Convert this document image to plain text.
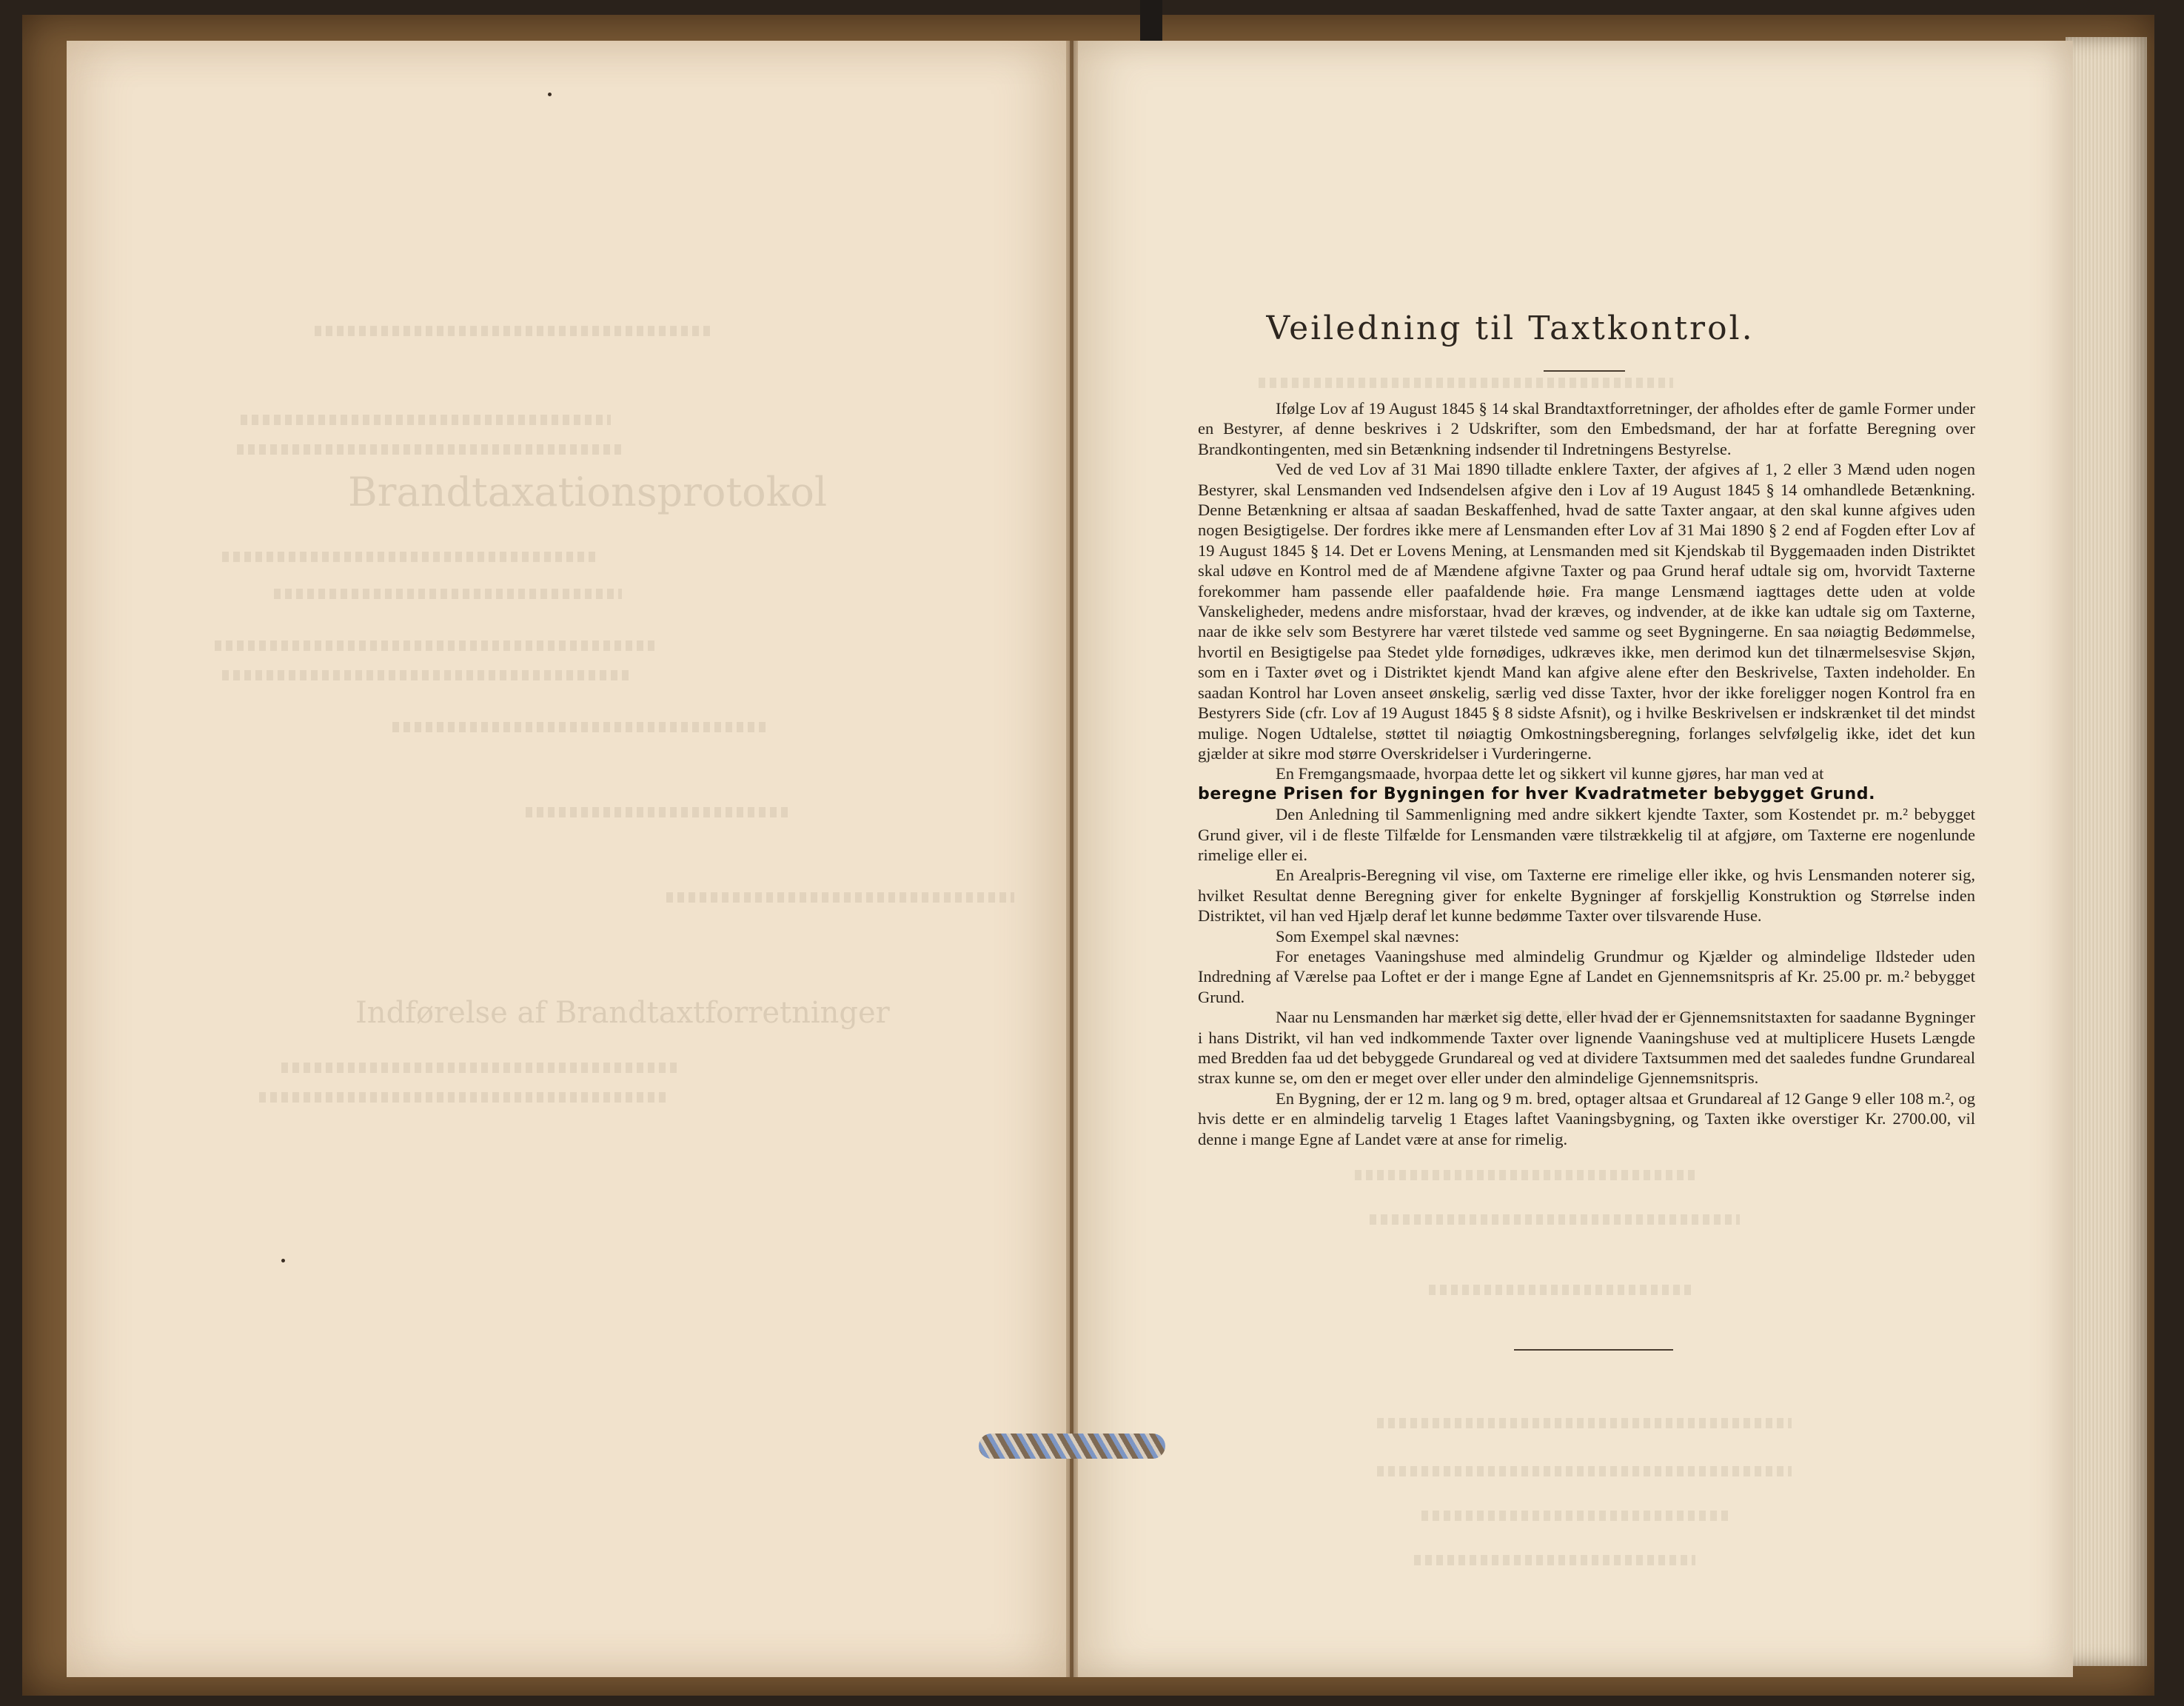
Brandtaxationsprotokol
Indførelse af Brandtaxtforretninger
Veiledning til Taxtkontrol.

Ifølge Lov af 19 August 1845 § 14 skal Brandtaxtforretninger, der afholdes efter de gamle Former under en Bestyrer, af denne beskrives i 2 Udskrifter, som den Embedsmand, der har at forfatte Beregning over Brandkontingenten, med sin Betænkning indsender til Indretningens Bestyrelse.

Ved de ved Lov af 31 Mai 1890 tilladte enklere Taxter, der afgives af 1, 2 eller 3 Mænd uden nogen Bestyrer, skal Lensmanden ved Indsendelsen afgive den i Lov af 19 August 1845 § 14 omhandlede Betænkning. Denne Betænkning er altsaa af saadan Beskaffenhed, hvad de satte Taxter angaar, at den skal kunne afgives uden nogen Besigtigelse. Der fordres ikke mere af Lensmanden efter Lov af 31 Mai 1890 § 2 end af Fogden efter Lov af 19 August 1845 § 14. Det er Lovens Mening, at Lensmanden med sit Kjendskab til Byggemaaden inden Distriktet skal udøve en Kontrol med de af Mændene afgivne Taxter og paa Grund heraf udtale sig om, hvorvidt Taxterne forekommer ham passende eller paafaldende høie. Fra mange Lensmænd iagttages dette uden at volde Vanskeligheder, medens andre misforstaar, hvad der kræves, og indvender, at de ikke kan udtale sig om Taxterne, naar de ikke selv som Bestyrere har været tilstede ved samme og seet Bygningerne. En saa nøiagtig Bedømmelse, hvortil en Besigtigelse paa Stedet ylde fornødiges, udkræves ikke, men derimod kun det tilnærmelsesvise Skjøn, som en i Taxter øvet og i Distriktet kjendt Mand kan afgive alene efter den Beskrivelse, Taxten indeholder. En saadan Kontrol har Loven anseet ønskelig, særlig ved disse Taxter, hvor der ikke foreligger nogen Kontrol fra en Bestyrers Side (cfr. Lov af 19 August 1845 § 8 sidste Afsnit), og i hvilke Beskrivelsen er indskrænket til det mindst mulige. Nogen Udtalelse, støttet til nøiagtig Omkostningsberegning, forlanges selvfølgelig ikke, idet det kun gjælder at sikre mod større Overskridelser i Vurderingerne.

En Fremgangsmaade, hvorpaa dette let og sikkert vil kunne gjøres, har man ved at

beregne Prisen for Bygningen for hver Kvadratmeter bebygget Grund.

Den Anledning til Sammenligning med andre sikkert kjendte Taxter, som Kostendet pr. m.² bebygget Grund giver, vil i de fleste Tilfælde for Lensmanden være tilstrækkelig til at afgjøre, om Taxterne ere nogenlunde rimelige eller ei.

En Arealpris-Beregning vil vise, om Taxterne ere rimelige eller ikke, og hvis Lensmanden noterer sig, hvilket Resultat denne Beregning giver for enkelte Bygninger af forskjellig Konstruktion og Størrelse inden Distriktet, vil han ved Hjælp deraf let kunne bedømme Taxter over tilsvarende Huse.

Som Exempel skal nævnes:

For enetages Vaaningshuse med almindelig Grundmur og Kjælder og almindelige Ildsteder uden Indredning af Værelse paa Loftet er der i mange Egne af Landet en Gjennemsnitspris af Kr. 25.00 pr. m.² bebygget Grund.

Naar nu Lensmanden har mærket sig dette, eller hvad der er Gjennemsnitstaxten for saadanne Bygninger i hans Distrikt, vil han ved indkommende Taxter over lignende Vaaningshuse ved at multiplicere Husets Længde med Bredden faa ud det bebyggede Grundareal og ved at dividere Taxtsummen med det saaledes fundne Grundareal strax kunne se, om den er meget over eller under den almindelige Gjennemsnitspris.

En Bygning, der er 12 m. lang og 9 m. bred, optager altsaa et Grundareal af 12 Gange 9 eller 108 m.², og hvis dette er en almindelig tarvelig 1 Etages laftet Vaaningsbygning, og Taxten ikke overstiger Kr. 2700.00, vil denne i mange Egne af Landet være at anse for rimelig.
